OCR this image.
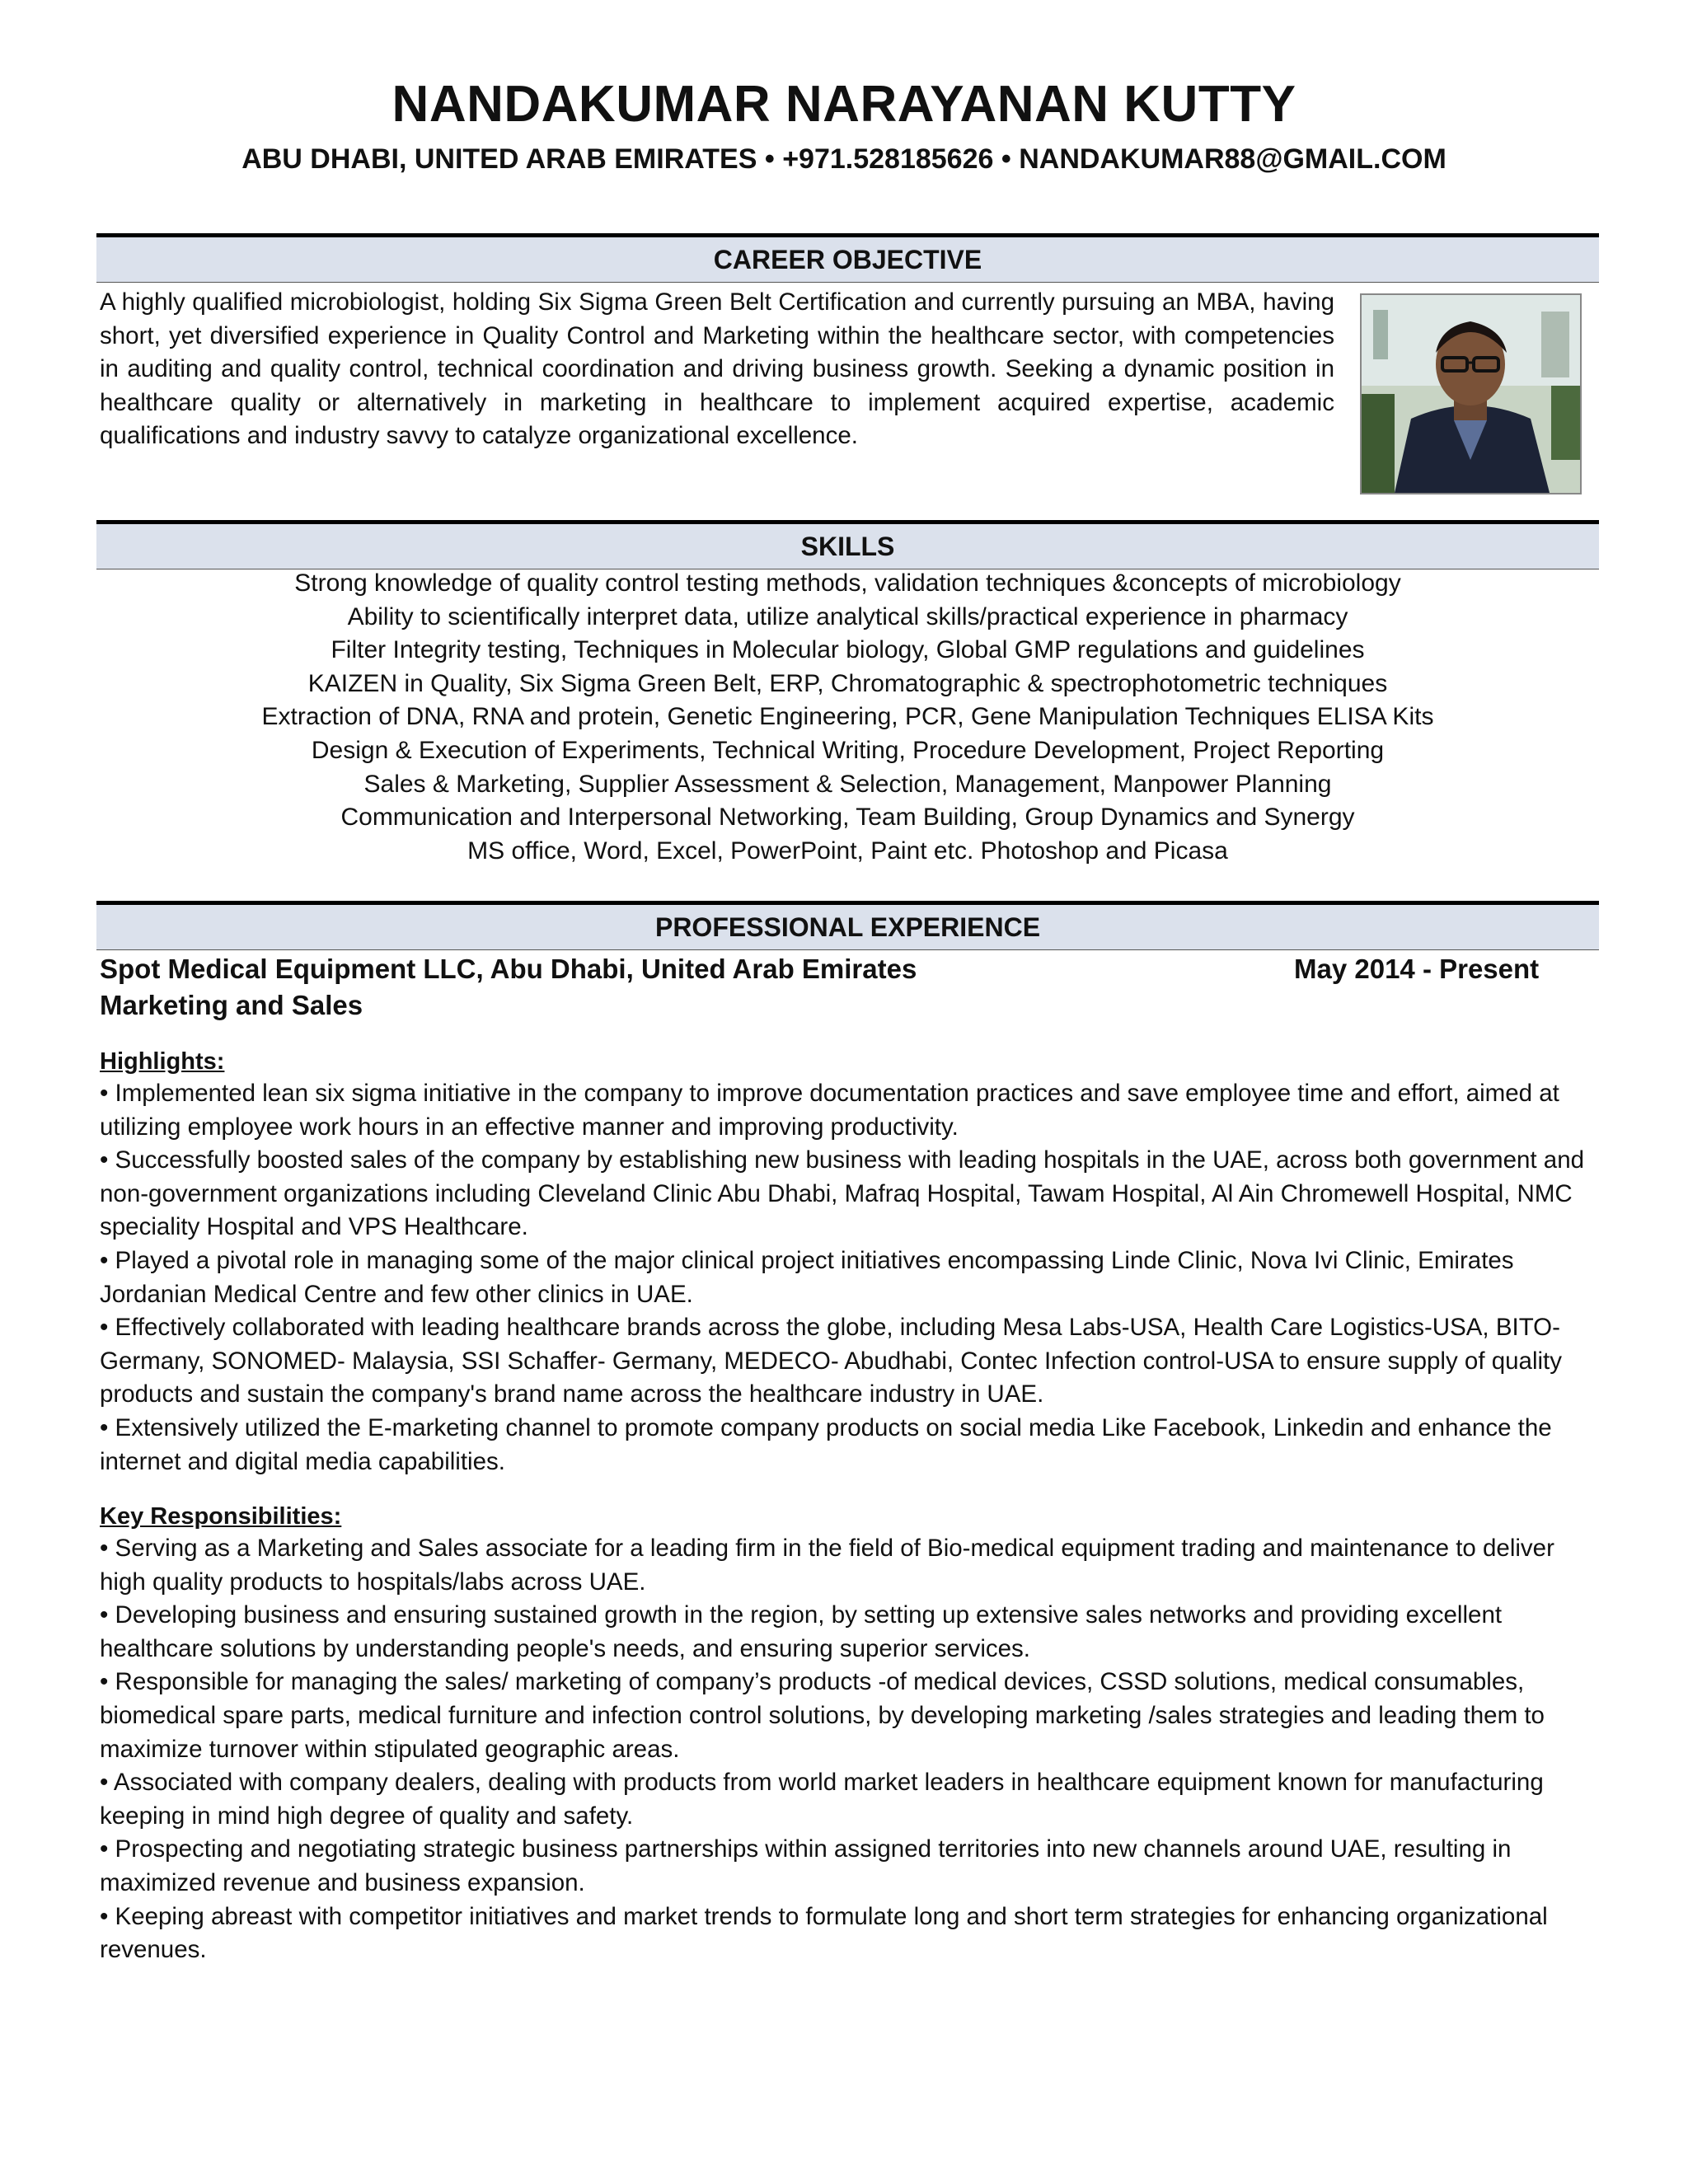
NANDAKUMAR NARAYANAN KUTTY
ABU DHABI, UNITED ARAB EMIRATES • +971.528185626 • NANDAKUMAR88@GMAIL.COM
CAREER OBJECTIVE
A highly qualified microbiologist, holding Six Sigma Green Belt Certification and currently pursuing an MBA, having short, yet diversified experience in Quality Control and Marketing within the healthcare sector, with competencies in auditing and quality control, technical coordination and driving business growth. Seeking a dynamic position in healthcare quality or alternatively in marketing in healthcare to implement acquired expertise, academic qualifications and industry savvy to catalyze organizational excellence.
SKILLS
Strong knowledge of quality control testing methods, validation techniques &concepts of microbiology
Ability to scientifically interpret data, utilize analytical skills/practical experience in pharmacy
Filter Integrity testing, Techniques in Molecular biology, Global GMP regulations and guidelines
KAIZEN in Quality, Six Sigma Green Belt, ERP, Chromatographic & spectrophotometric techniques
Extraction of DNA, RNA and protein, Genetic Engineering, PCR, Gene Manipulation Techniques ELISA Kits
Design & Execution of Experiments, Technical Writing, Procedure Development, Project Reporting
Sales & Marketing, Supplier Assessment & Selection, Management, Manpower Planning
Communication and Interpersonal Networking, Team Building, Group Dynamics and Synergy
MS office, Word, Excel, PowerPoint, Paint etc. Photoshop and Picasa
PROFESSIONAL EXPERIENCE
Spot Medical Equipment LLC, Abu Dhabi, United Arab Emirates	May 2014 - Present
Marketing and Sales
Highlights:
• Implemented lean six sigma initiative in the company to improve documentation practices and save employee time and effort, aimed at utilizing employee work hours in an effective manner and improving productivity.
• Successfully boosted sales of the company by establishing new business with leading hospitals in the UAE, across both government and non-government organizations including Cleveland Clinic Abu Dhabi, Mafraq Hospital, Tawam Hospital, Al Ain Chromewell Hospital, NMC speciality Hospital and VPS Healthcare.
• Played a pivotal role in managing some of the major clinical project initiatives encompassing Linde Clinic, Nova Ivi Clinic, Emirates Jordanian Medical Centre and few other clinics in UAE.
• Effectively collaborated with leading healthcare brands across the globe, including Mesa Labs-USA, Health Care Logistics-USA, BITO-Germany, SONOMED- Malaysia, SSI Schaffer- Germany, MEDECO- Abudhabi, Contec Infection control-USA to ensure supply of quality products and sustain the company's brand name across the healthcare industry in UAE.
• Extensively utilized the E-marketing channel to promote company products on social media Like Facebook, Linkedin and enhance the internet and digital media capabilities.
Key Responsibilities:
• Serving as a Marketing and Sales associate for a leading firm in the field of Bio-medical equipment trading and maintenance to deliver high quality products to hospitals/labs across UAE.
• Developing business and ensuring sustained growth in the region, by setting up extensive sales networks and providing excellent healthcare solutions by understanding people's needs, and ensuring superior services.
• Responsible for managing the sales/ marketing of company’s products -of medical devices, CSSD solutions, medical consumables, biomedical spare parts, medical furniture and infection control solutions, by developing marketing /sales strategies and leading them to maximize turnover within stipulated geographic areas.
• Associated with company dealers, dealing with products from world market leaders in healthcare equipment known for manufacturing keeping in mind high degree of quality and safety.
• Prospecting and negotiating strategic business partnerships within assigned territories into new channels around UAE, resulting in maximized revenue and business expansion.
• Keeping abreast with competitor initiatives and market trends to formulate long and short term strategies for enhancing organizational revenues.
